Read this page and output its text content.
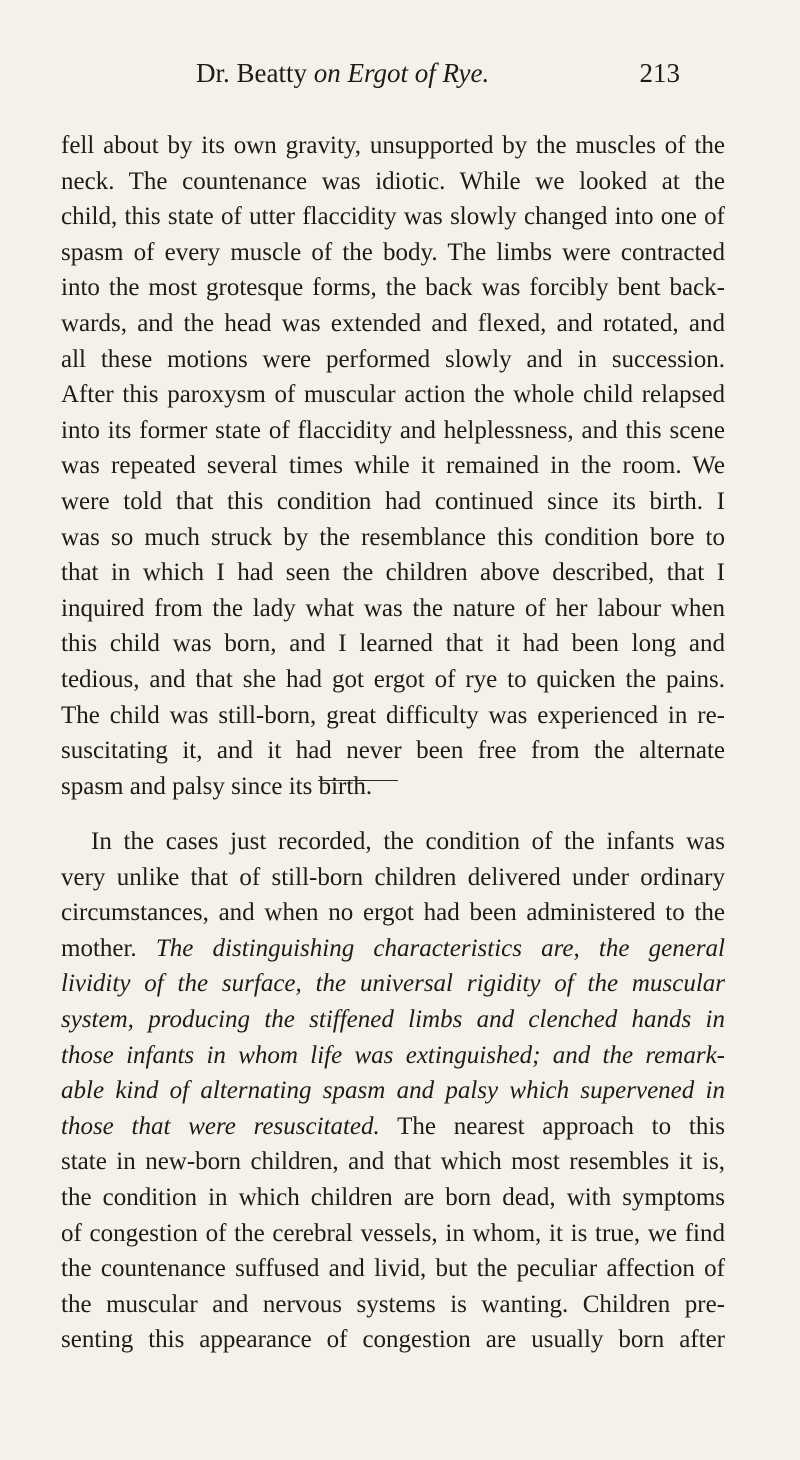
Dr. Beatty on Ergot of Rye.	213
fell about by its own gravity, unsupported by the muscles of the
neck. The countenance was idiotic. While we looked at the
child, this state of utter flaccidity was slowly changed into one of
spasm of every muscle of the body. The limbs were contracted
into the most grotesque forms, the back was forcibly bent back-
wards, and the head was extended and flexed, and rotated, and
all these motions were performed slowly and in succession.
After this paroxysm of muscular action the whole child relapsed
into its former state of flaccidity and helplessness, and this scene
was repeated several times while it remained in the room. We
were told that this condition had continued since its birth. I
was so much struck by the resemblance this condition bore to
that in which I had seen the children above described, that I
inquired from the lady what was the nature of her labour when
this child was born, and I learned that it had been long and
tedious, and that she had got ergot of rye to quicken the pains.
The child was still-born, great difficulty was experienced in re-
suscitating it, and it had never been free from the alternate
spasm and palsy since its birth.
In the cases just recorded, the condition of the infants was
very unlike that of still-born children delivered under ordinary
circumstances, and when no ergot had been administered to the
mother. The distinguishing characteristics are, the general
lividity of the surface, the universal rigidity of the muscular
system, producing the stiffened limbs and clenched hands in
those infants in whom life was extinguished; and the remark-
able kind of alternating spasm and palsy which supervened in
those that were resuscitated. The nearest approach to this
state in new-born children, and that which most resembles it is,
the condition in which children are born dead, with symptoms
of congestion of the cerebral vessels, in whom, it is true, we find
the countenance suffused and livid, but the peculiar affection of
the muscular and nervous systems is wanting. Children pre-
senting this appearance of congestion are usually born after
